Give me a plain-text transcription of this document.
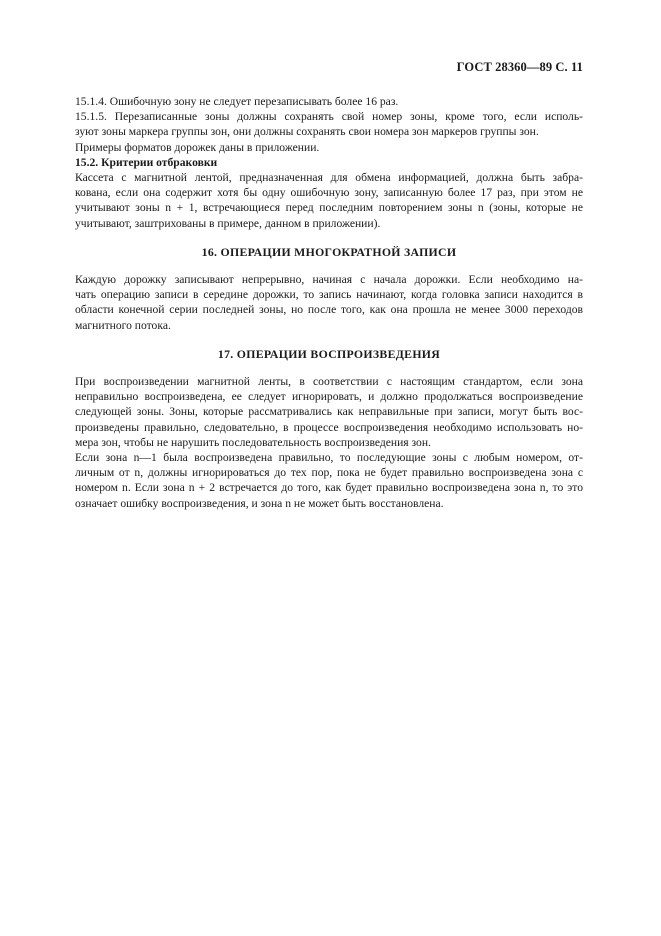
ГОСТ 28360—89 С. 11
15.1.4. Ошибочную зону не следует перезаписывать более 16 раз.
15.1.5. Перезаписанные зоны должны сохранять свой номер зоны, кроме того, если исполь-
зуют зоны маркера группы зон, они должны сохранять свои номера зон маркеров группы зон.
Примеры форматов дорожек даны в приложении.
15.2. Критерии отбраковки
Кассета с магнитной лентой, предназначенная для обмена информацией, должна быть забра-
кована, если она содержит хотя бы одну ошибочную зону, записанную более 17 раз, при этом не
учитывают зоны n + 1, встречающиеся перед последним повторением зоны n (зоны, которые не
учитывают, заштрихованы в примере, данном в приложении).
16. ОПЕРАЦИИ МНОГОКРАТНОЙ ЗАПИСИ
Каждую дорожку записывают непрерывно, начиная с начала дорожки. Если необходимо на-
чать операцию записи в середине дорожки, то запись начинают, когда головка записи находится в
области конечной серии последней зоны, но после того, как она прошла не менее 3000 переходов
магнитного потока.
17. ОПЕРАЦИИ ВОСПРОИЗВЕДЕНИЯ
При воспроизведении магнитной ленты, в соответствии с настоящим стандартом, если зона
неправильно воспроизведена, ее следует игнорировать, и должно продолжаться воспроизведение
следующей зоны. Зоны, которые рассматривались как неправильные при записи, могут быть вос-
произведены правильно, следовательно, в процессе воспроизведения необходимо использовать но-
мера зон, чтобы не нарушить последовательность воспроизведения зон.
Если зона n—1 была воспроизведена правильно, то последующие зоны с любым номером, от-
личным от n, должны игнорироваться до тех пор, пока не будет правильно воспроизведена зона с
номером n. Если зона n + 2 встречается до того, как будет правильно воспроизведена зона n, то это
означает ошибку воспроизведения, и зона n не может быть восстановлена.
